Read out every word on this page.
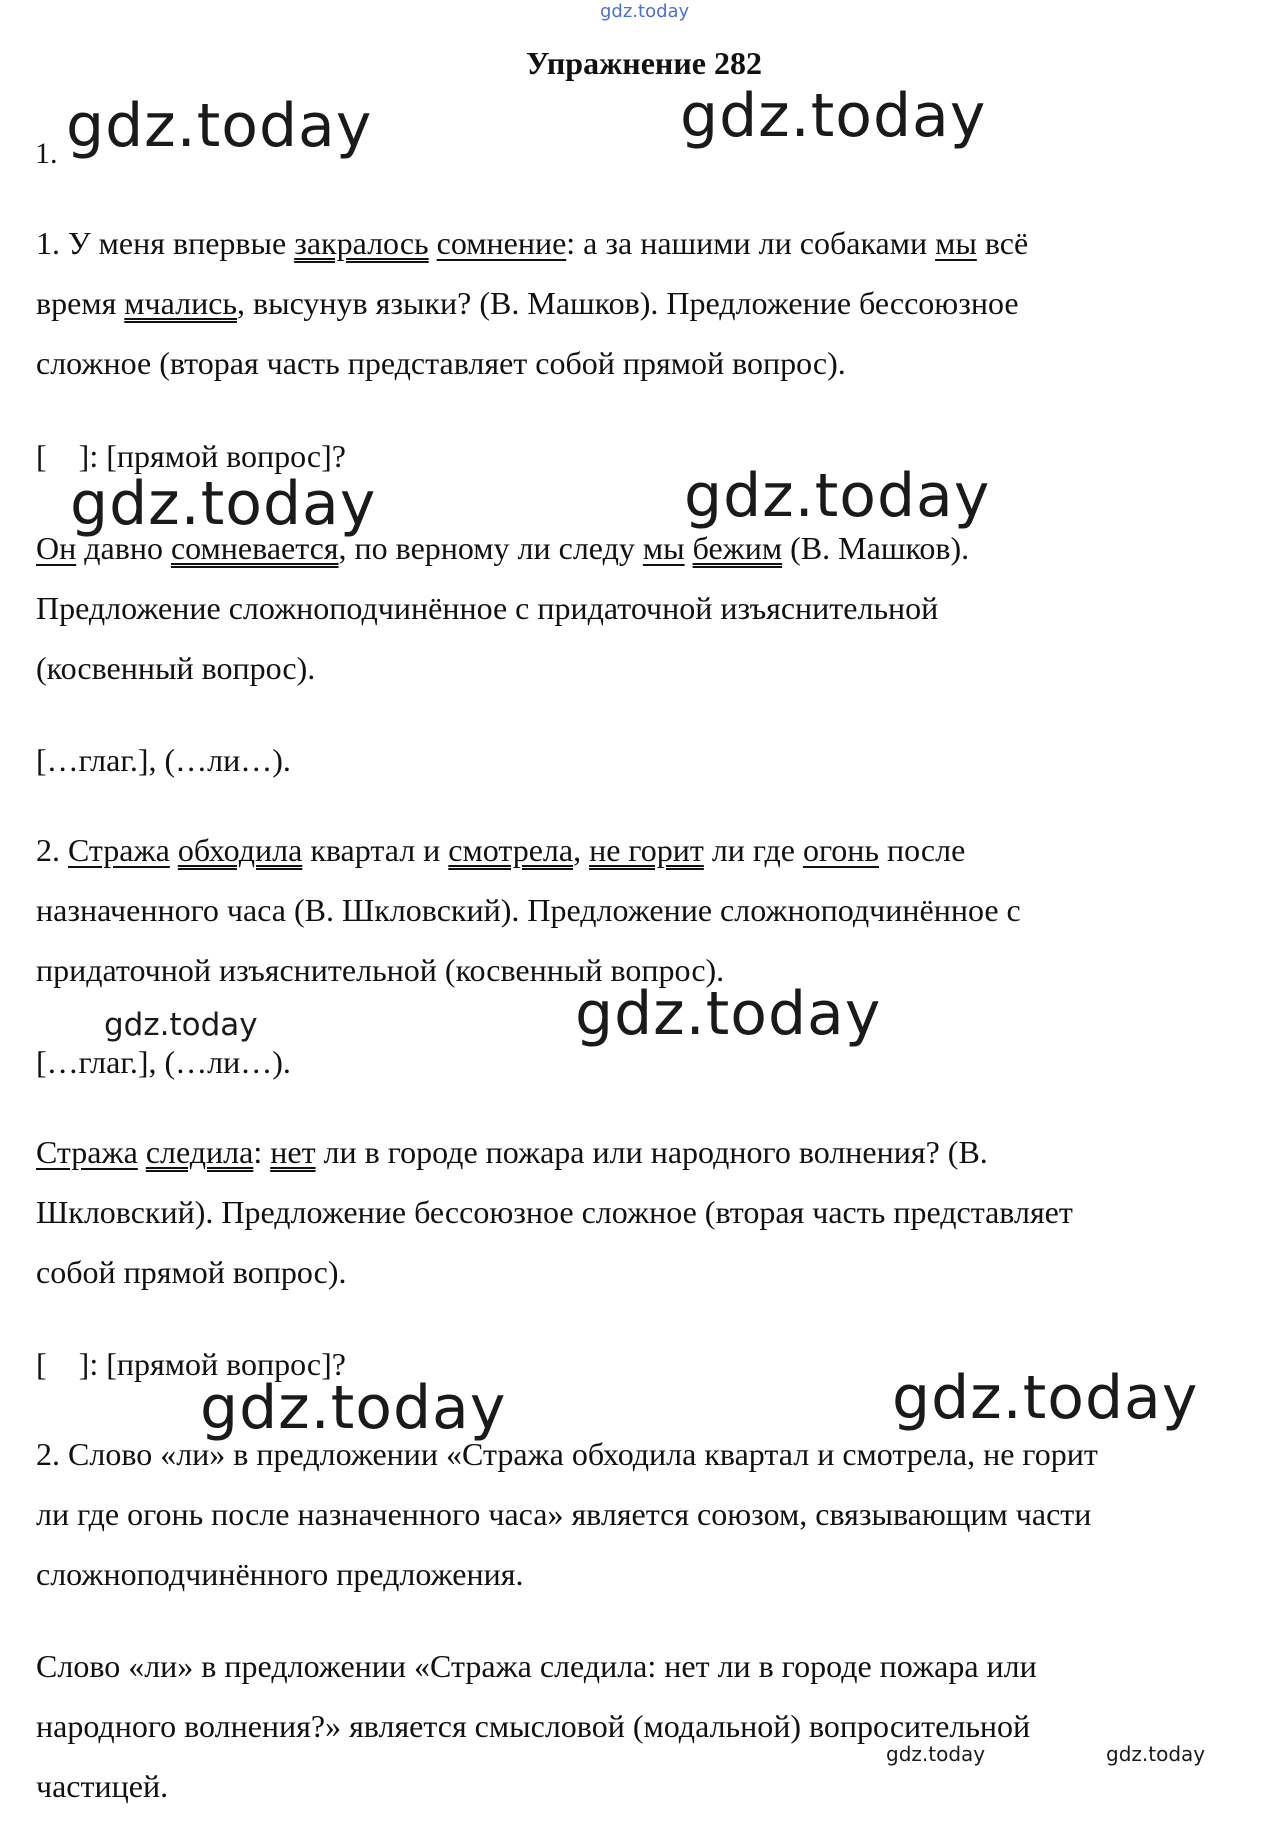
gdz.today
Упражнение 282
1. gdz.today	gdz.today
1. У меня впервые закралось сомнение: а за нашими ли собаками мы всё
время мчались, высунув языки? (В. Машков). Предложение бессоюзное
сложное (вторая часть представляет собой прямой вопрос).
[    ]: [прямой вопрос]?
gdz.today	gdz.today
Он давно сомневается, по верному ли следу мы бежим (В. Машков).
Предложение сложноподчинённое с придаточной изъяснительной
(косвенный вопрос).
[…глаг.], (…ли…).
2. Стража обходила квартал и смотрела, не горит ли где огонь после
назначенного часа (В. Шкловский). Предложение сложноподчинённое с
придаточной изъяснительной (косвенный вопрос).
gdz.today	gdz.today
[…глаг.], (…ли…).
Стража следила: нет ли в городе пожара или народного волнения? (В.
Шкловский). Предложение бессоюзное сложное (вторая часть представляет
собой прямой вопрос).
[    ]: [прямой вопрос]?
gdz.today	gdz.today
2. Слово «ли» в предложении «Стража обходила квартал и смотрела, не горит
ли где огонь после назначенного часа» является союзом, связывающим части
сложноподчинённого предложения.
Слово «ли» в предложении «Стража следила: нет ли в городе пожара или
народного волнения?» является смысловой (модальной) вопросительной
частицей.
gdz.today	gdz.today
